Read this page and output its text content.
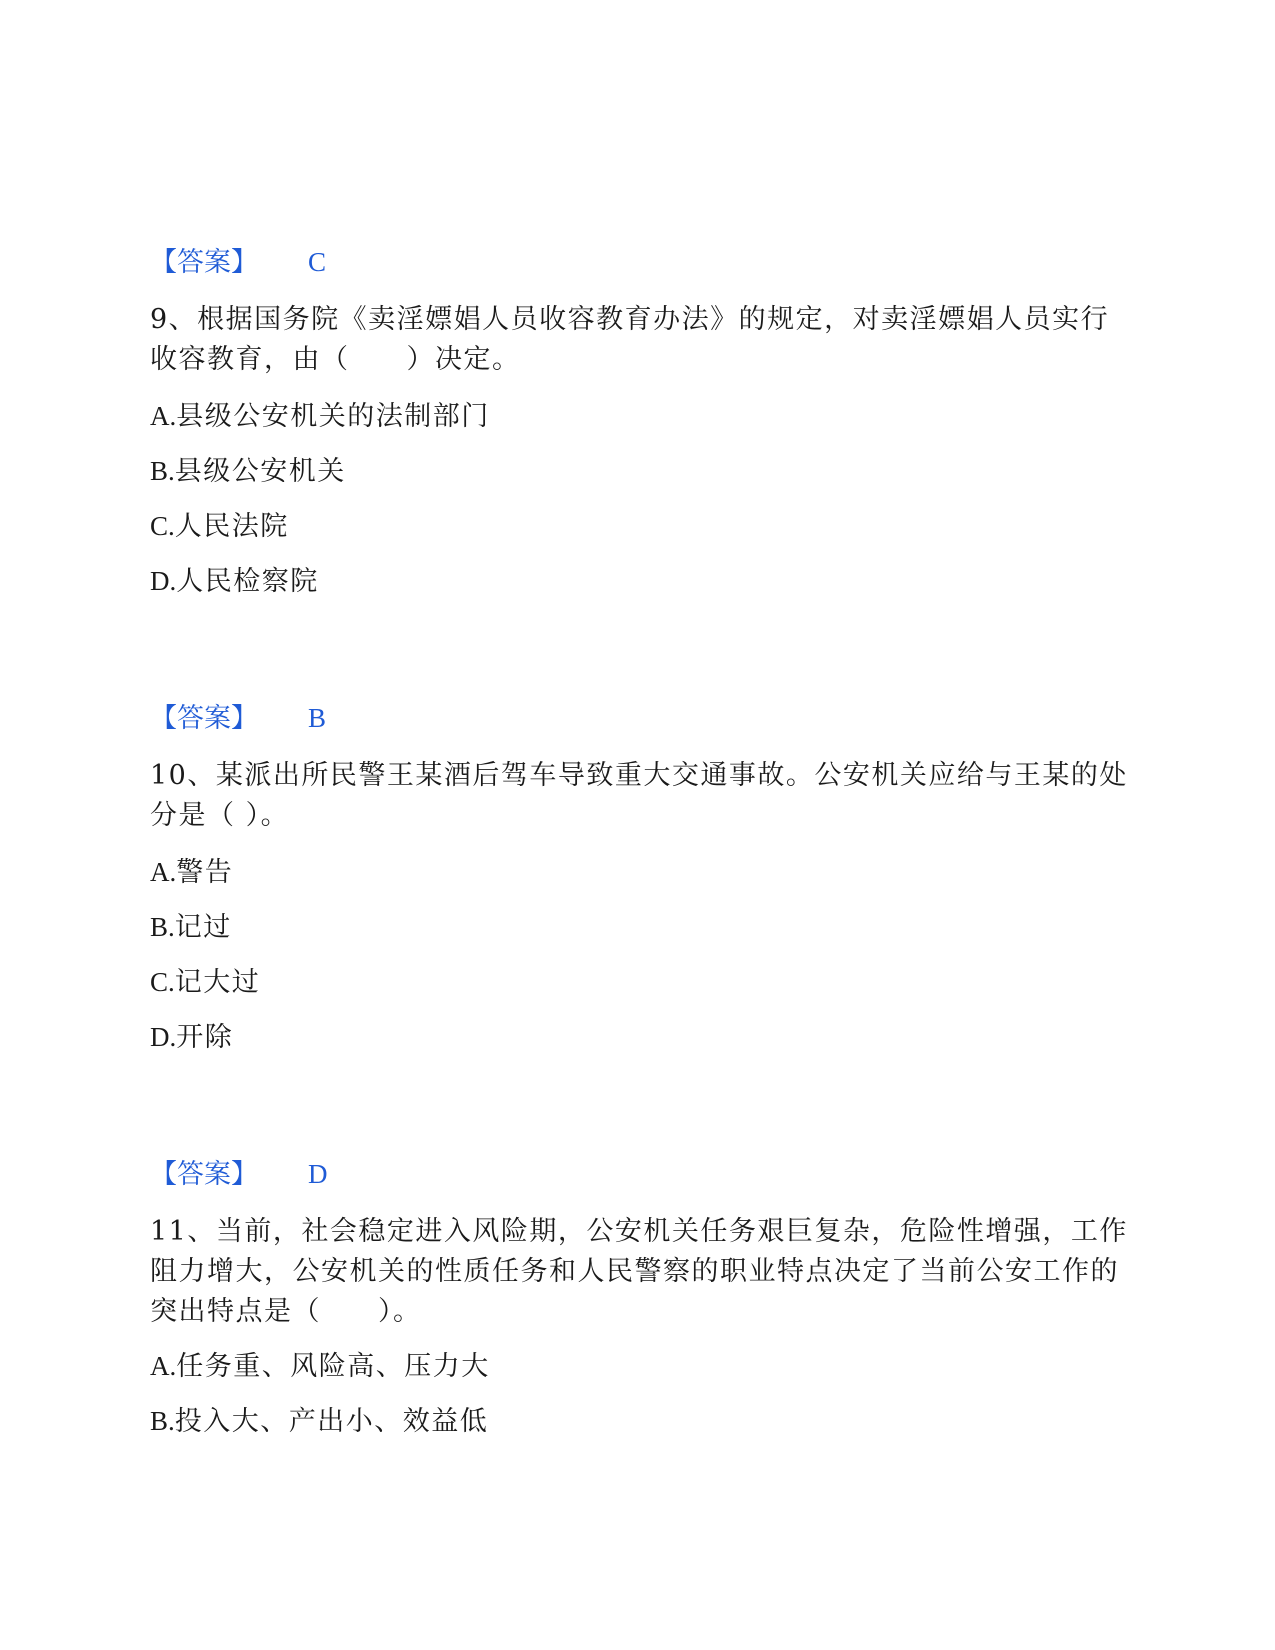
【答案】 C
9、根据国务院《卖淫嫖娼人员收容教育办法》的规定，对卖淫嫖娼人员实行收容教育，由（　　）决定。
A.县级公安机关的法制部门
B.县级公安机关
C.人民法院
D.人民检察院
【答案】 B
10、某派出所民警王某酒后驾车导致重大交通事故。公安机关应给与王某的处分是（ ）。
A.警告
B.记过
C.记大过
D.开除
【答案】 D
11、当前，社会稳定进入风险期，公安机关任务艰巨复杂，危险性增强，工作阻力增大，公安机关的性质任务和人民警察的职业特点决定了当前公安工作的突出特点是（　　）。
A.任务重、风险高、压力大
B.投入大、产出小、效益低
